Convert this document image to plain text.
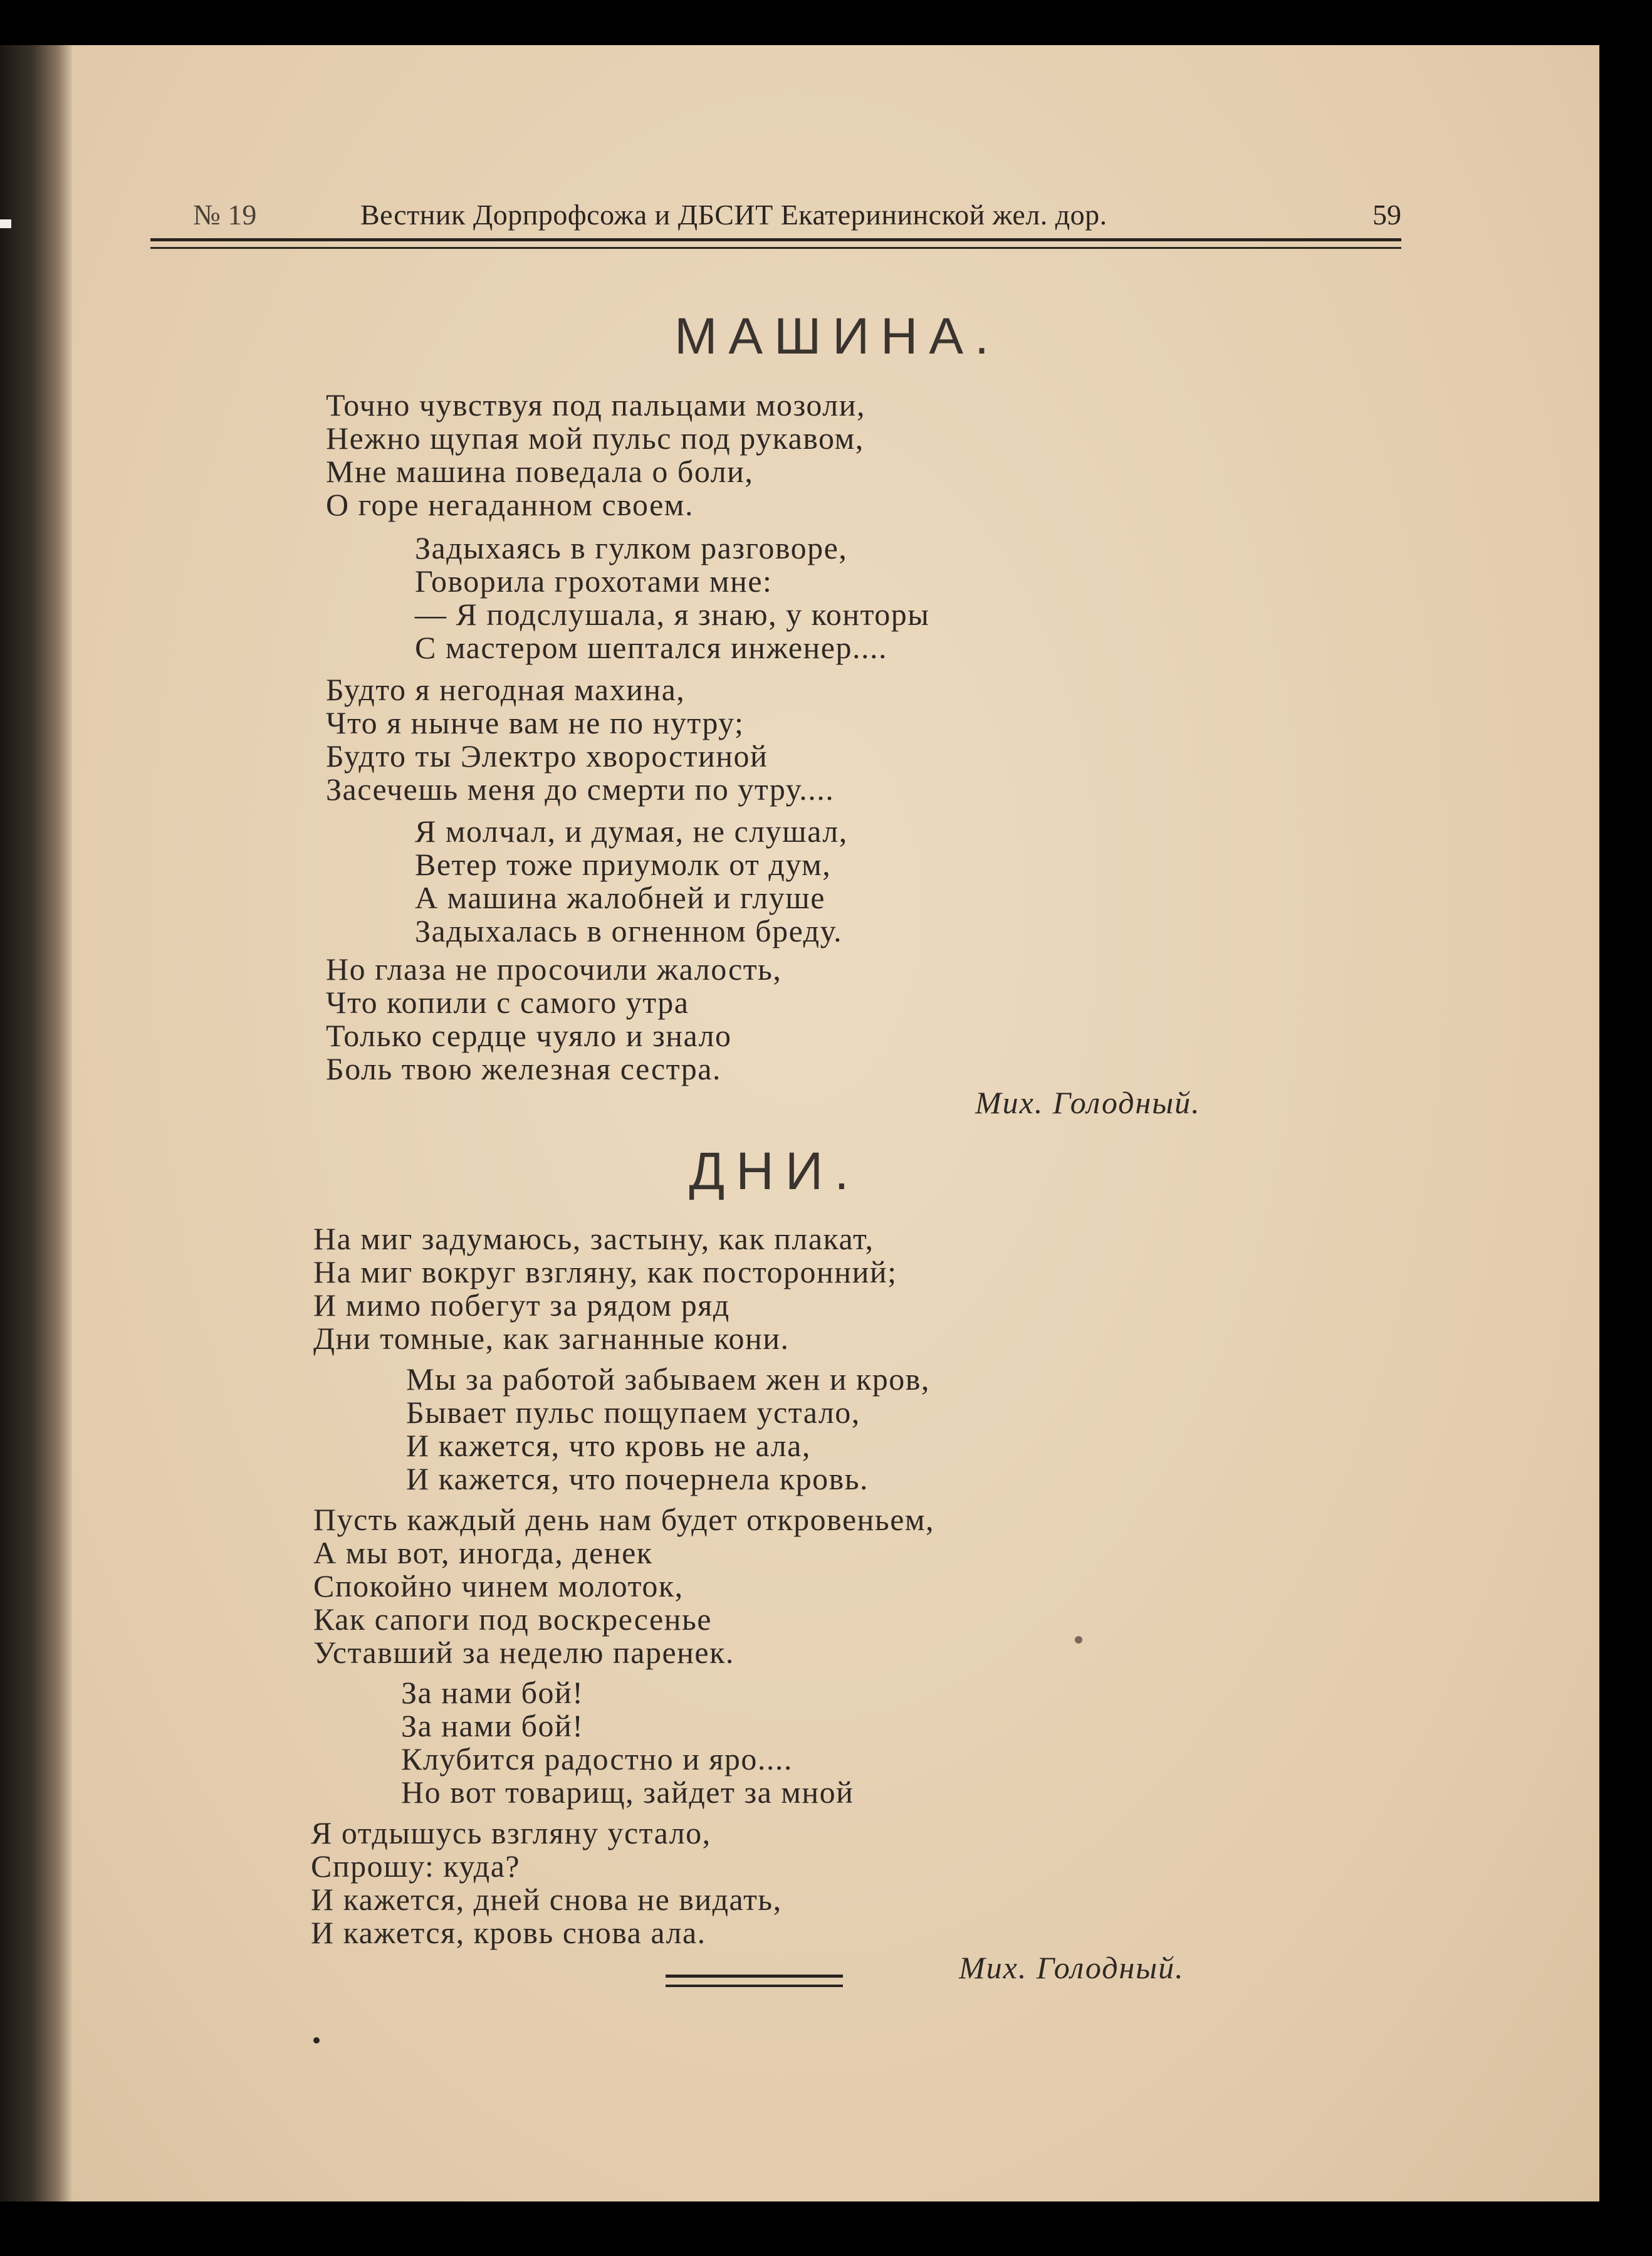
№ 19	Вестник Дорпрофсожа и ДБСИТ Екатерининской жел. дор.	59
МАШИНА.
Точно чувствуя под пальцами мозоли,
Нежно щупая мой пульс под рукавом,
Мне машина поведала о боли,
О горе негаданном своем.
Задыхаясь в гулком разговоре,
Говорила грохотами мне:
— Я подслушала, я знаю, у конторы
С мастером шептался инженер....
Будто я негодная махина,
Что я нынче вам не по нутру;
Будто ты Электро хворостиной
Засечешь меня до смерти по утру....
Я молчал, и думая, не слушал,
Ветер тоже приумолк от дум,
А машина жалобней и глуше
Задыхалась в огненном бреду.
Но глаза не просочили жалость,
Что копили с самого утра
Только сердце чуяло и знало
Боль твою железная сестра.
Мих. Голодный.
ДНИ.
На миг задумаюсь, застыну, как плакат,
На миг вокруг взгляну, как посторонний;
И мимо побегут за рядом ряд
Дни томные, как загнанные кони.
Мы за работой забываем жен и кров,
Бывает пульс пощупаем устало,
И кажется, что кровь не ала,
И кажется, что почернела кровь.
Пусть каждый день нам будет откровеньем,
А мы вот, иногда, денек
Спокойно чинем молоток,
Как сапоги под воскресенье
Уставший за неделю паренек.
За нами бой!
За нами бой!
Клубится радостно и яро....
Но вот товарищ, зайдет за мной
Я отдышусь взгляну устало,
Спрошу: куда?
И кажется, дней снова не видать,
И кажется, кровь снова ала.
Мих. Голодный.
